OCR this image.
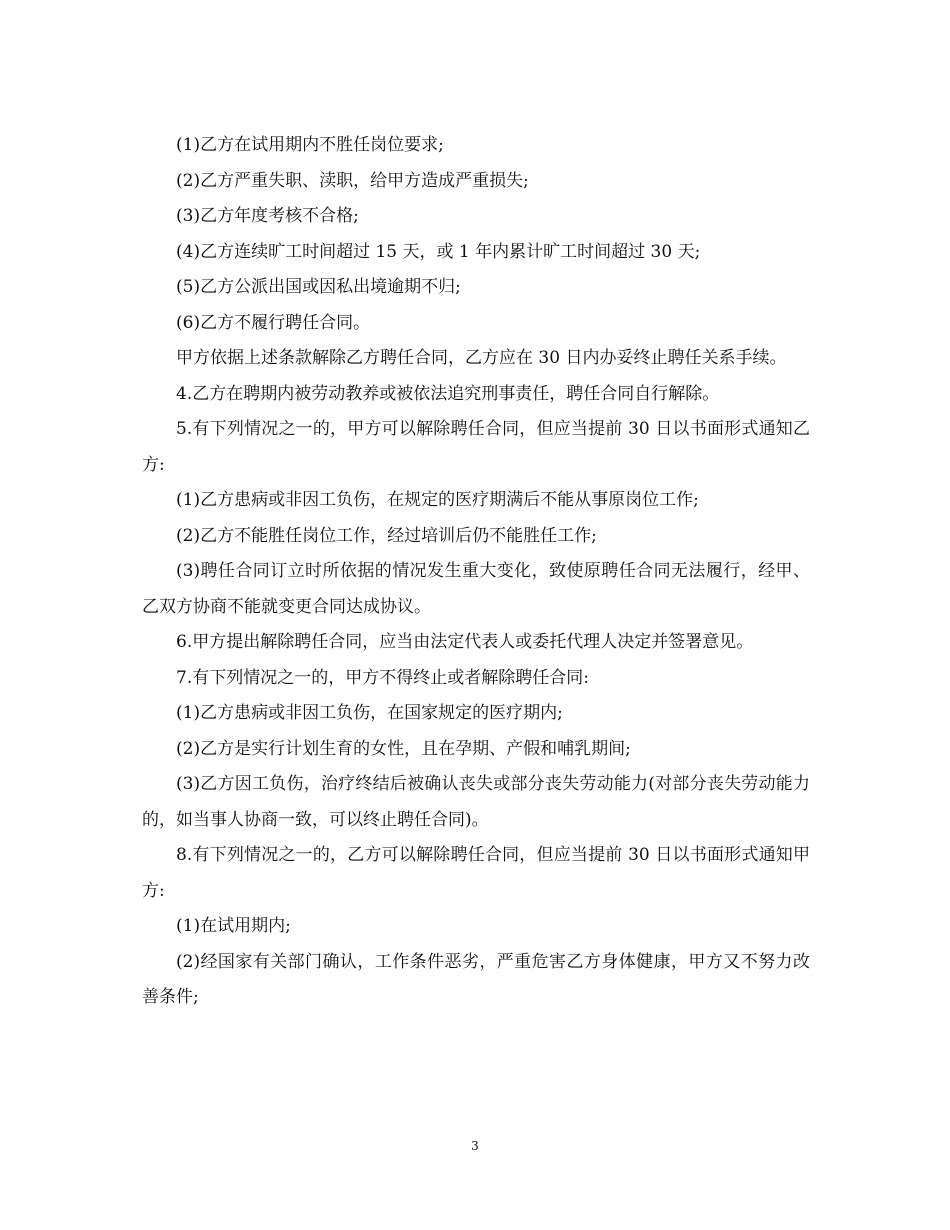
(1)乙方在试用期内不胜任岗位要求;

(2)乙方严重失职、渎职，给甲方造成严重损失;

(3)乙方年度考核不合格;

(4)乙方连续旷工时间超过 15 天，或 1 年内累计旷工时间超过 30 天;

(5)乙方公派出国或因私出境逾期不归;

(6)乙方不履行聘任合同。

甲方依据上述条款解除乙方聘任合同，乙方应在 30 日内办妥终止聘任关系手续。

4.乙方在聘期内被劳动教养或被依法追究刑事责任，聘任合同自行解除。

5.有下列情况之一的，甲方可以解除聘任合同，但应当提前 30 日以书面形式通知乙方:

(1)乙方患病或非因工负伤，在规定的医疗期满后不能从事原岗位工作;

(2)乙方不能胜任岗位工作，经过培训后仍不能胜任工作;

(3)聘任合同订立时所依据的情况发生重大变化，致使原聘任合同无法履行，经甲、乙双方协商不能就变更合同达成协议。

6.甲方提出解除聘任合同，应当由法定代表人或委托代理人决定并签署意见。

7.有下列情况之一的，甲方不得终止或者解除聘任合同:

(1)乙方患病或非因工负伤，在国家规定的医疗期内;

(2)乙方是实行计划生育的女性，且在孕期、产假和哺乳期间;

(3)乙方因工负伤，治疗终结后被确认丧失或部分丧失劳动能力(对部分丧失劳动能力的，如当事人协商一致，可以终止聘任合同)。

8.有下列情况之一的，乙方可以解除聘任合同，但应当提前 30 日以书面形式通知甲方:

(1)在试用期内;

(2)经国家有关部门确认，工作条件恶劣，严重危害乙方身体健康，甲方又不努力改善条件;

3
